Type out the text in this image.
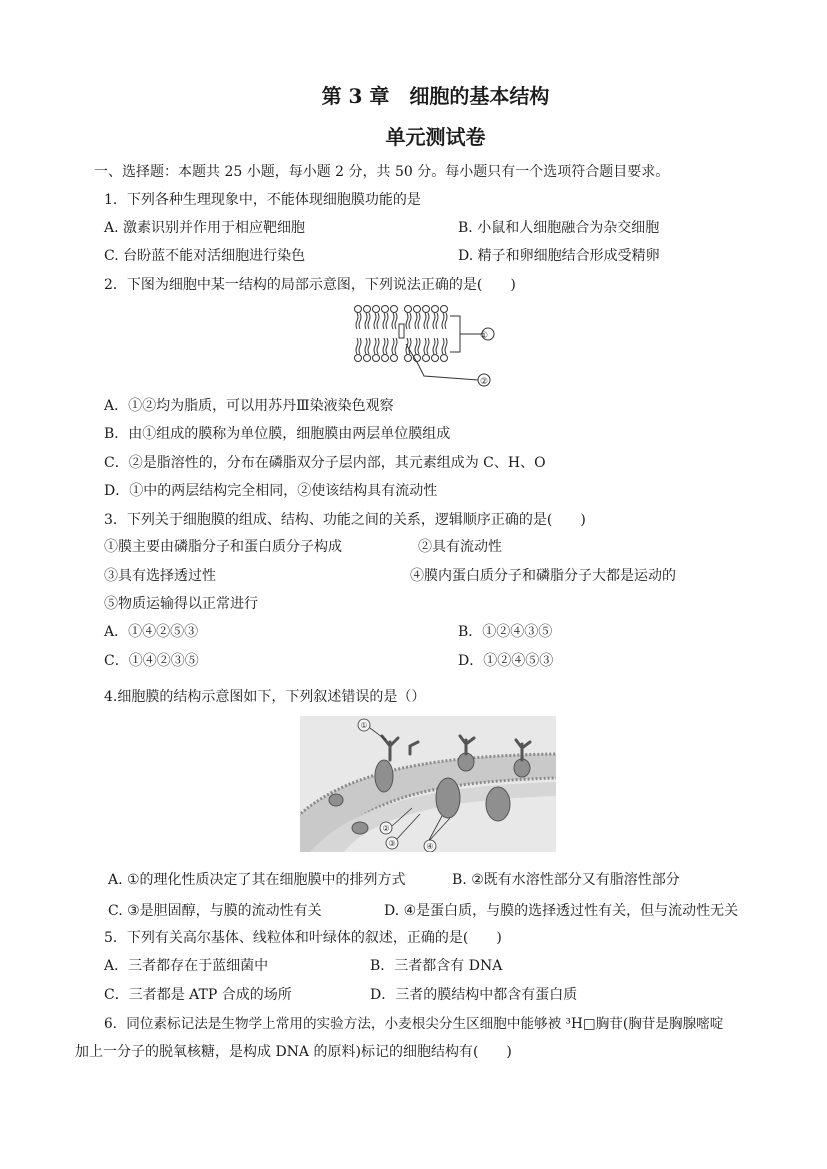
第 3 章　细胞的基本结构
单元测试卷
一、选择题：本题共 25 小题，每小题 2 分，共 50 分。每小题只有一个选项符合题目要求。
1．下列各种生理现象中，不能体现细胞膜功能的是
A. 激素识别并作用于相应靶细胞	B. 小鼠和人细胞融合为杂交细胞
C. 台盼蓝不能对活细胞进行染色	D. 精子和卵细胞结合形成受精卵
2．下图为细胞中某一结构的局部示意图，下列说法正确的是(　　)
①
②
A．①②均为脂质，可以用苏丹Ⅲ染液染色观察
B．由①组成的膜称为单位膜，细胞膜由两层单位膜组成
C．②是脂溶性的，分布在磷脂双分子层内部，其元素组成为 C、H、O
D．①中的两层结构完全相同，②使该结构具有流动性
3．下列关于细胞膜的组成、结构、功能之间的关系，逻辑顺序正确的是(　　)
①膜主要由磷脂分子和蛋白质分子构成	②具有流动性
③具有选择透过性	④膜内蛋白质分子和磷脂分子大都是运动的
⑤物质运输得以正常进行
A．①④②⑤③	B．①②④③⑤
C．①④②③⑤	D．①②④⑤③
4.细胞膜的结构示意图如下，下列叙述错误的是（）
①
②
③	④
A. ①的理化性质决定了其在细胞膜中的排列方式	B. ②既有水溶性部分又有脂溶性部分
C. ③是胆固醇，与膜的流动性有关	D. ④是蛋白质，与膜的选择透过性有关，但与流动性无关
5．下列有关高尔基体、线粒体和叶绿体的叙述，正确的是(　　)
A．三者都存在于蓝细菌中	B．三者都含有 DNA
C．三者都是 ATP 合成的场所	D．三者的膜结构中都含有蛋白质
6．同位素标记法是生物学上常用的实验方法，小麦根尖分生区细胞中能够被 ³H□胸苷(胸苷是胸腺嘧啶
加上一分子的脱氧核糖，是构成 DNA 的原料)标记的细胞结构有(　　)
